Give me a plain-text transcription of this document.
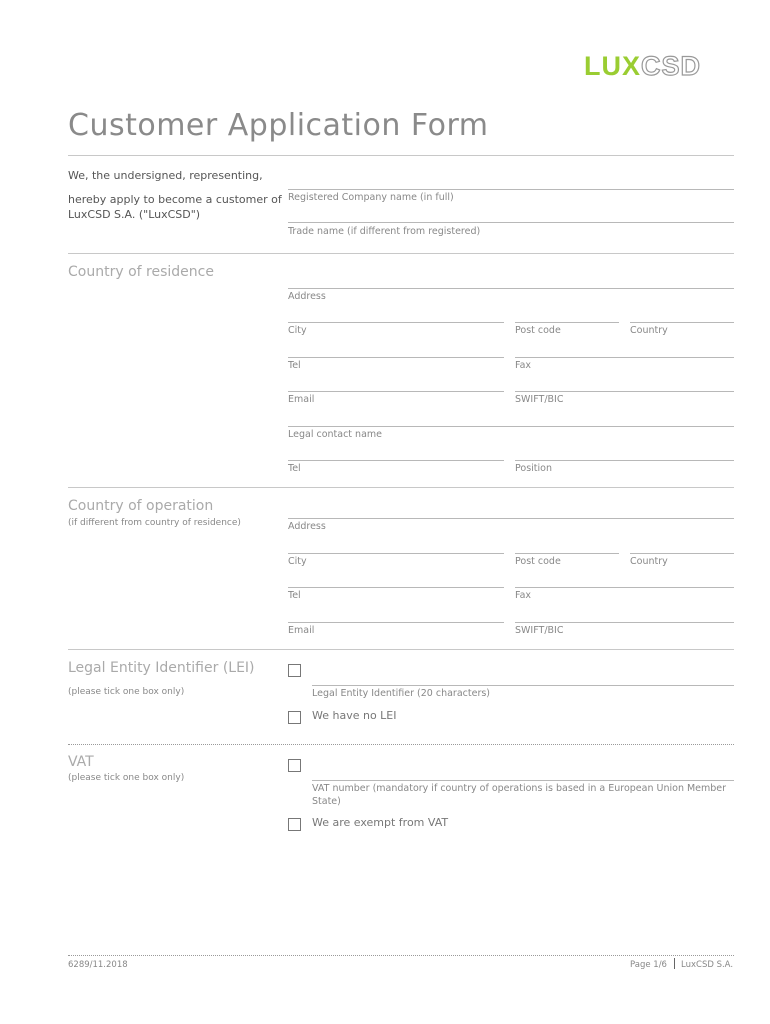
LUXCSD
Customer Application Form
We, the undersigned, representing,
hereby apply to become a customer of
LuxCSD S.A. ("LuxCSD")
Registered Company name (in full)
Trade name (if different from registered)
Country of residence
Address
City	Post code	Country
Tel	Fax
Email	SWIFT/BIC
Legal contact name
Tel	Position
Country of operation
(if different from country of residence)	Address
City	Post code	Country
Tel	Fax
Email	SWIFT/BIC
Legal Entity Identifier (LEI)
(please tick one box only)	Legal Entity Identifier (20 characters)
We have no LEI
VAT
(please tick one box only)
VAT number (mandatory if country of operations is based in a European Union Member
State)
We are exempt from VAT
6289/11.2018	Page 1/6 LuxCSD S.A.
